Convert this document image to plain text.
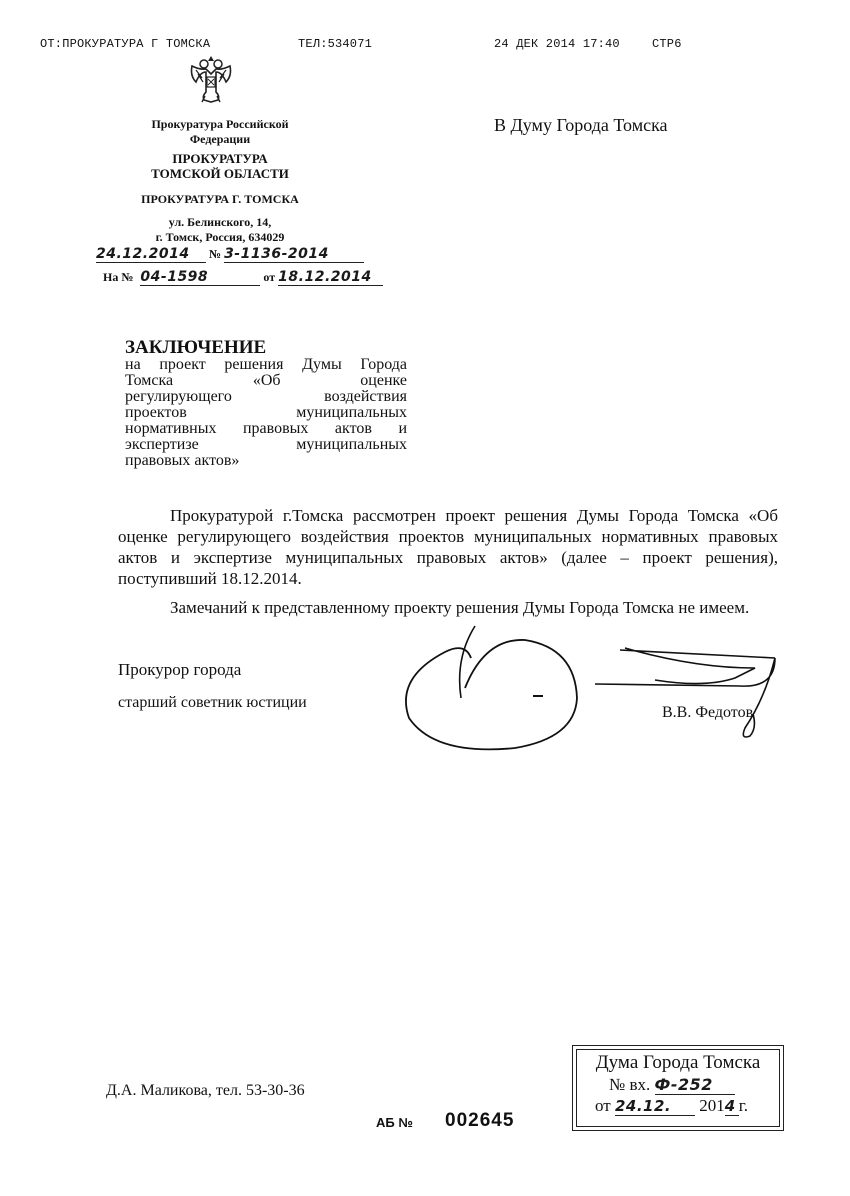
ОТ:ПРОКУРАТУРА Г ТОМСКА	ТЕЛ:534071	24 ДЕК 2014 17:40	СТР6
Прокуратура Российской
Федерации
ПРОКУРАТУРА
ТОМСКОЙ ОБЛАСТИ
ПРОКУРАТУРА Г. ТОМСКА
ул. Белинского, 14,
г. Томск, Россия, 634029
24.12.2014 № 3-1136-2014
На № 04-1598	от 18.12.2014
В Думу Города Томска
ЗАКЛЮЧЕНИЕ
на проект решения Думы Города
Томска «Об оценке
регулирующего воздействия
проектов муниципальных
нормативных правовых актов и
экспертизе муниципальных
правовых актов»
Прокуратурой г.Томска рассмотрен проект решения Думы Города Томска «Об оценке регулирующего воздействия проектов муниципальных нормативных правовых актов и экспертизе муниципальных правовых актов» (далее – проект решения), поступивший 18.12.2014.
Замечаний к представленному проекту решения Думы Города Томска не имеем.
Прокурор города
старший советник юстиции
В.В. Федотов
Д.А. Маликова, тел. 53-30-36
АБ № 002645
Дума Города Томска
№ вх. Ф-252
от 24.12. 2014 г.
